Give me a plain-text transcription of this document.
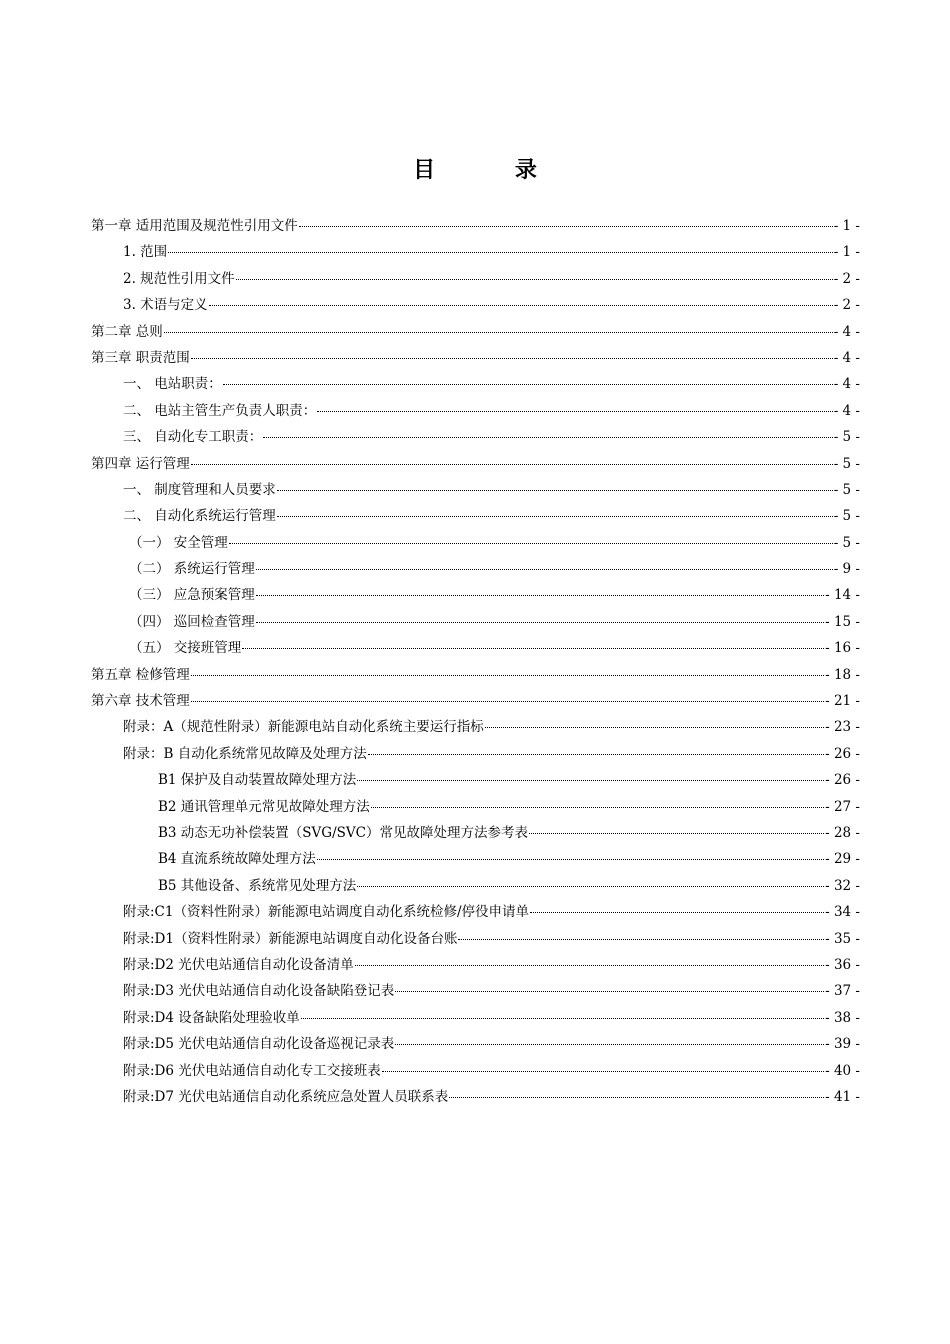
目 录
第一章 适用范围及规范性引用文件	- 1 -
1. 范围	- 1 -
2. 规范性引用文件	- 2 -
3. 术语与定义	- 2 -
第二章 总则	- 4 -
第三章 职责范围	- 4 -
一、 电站职责：	- 4 -
二、 电站主管生产负责人职责：	- 4 -
三、 自动化专工职责：	- 5 -
第四章 运行管理	- 5 -
一、 制度管理和人员要求	- 5 -
二、 自动化系统运行管理	- 5 -
（一） 安全管理	- 5 -
（二） 系统运行管理	- 9 -
（三） 应急预案管理	- 14 -
（四） 巡回检查管理	- 15 -
（五） 交接班管理	- 16 -
第五章 检修管理	- 18 -
第六章 技术管理	- 21 -
附录：A（规范性附录）新能源电站自动化系统主要运行指标	- 23 -
附录：B 自动化系统常见故障及处理方法	- 26 -
B1 保护及自动装置故障处理方法	- 26 -
B2 通讯管理单元常见故障处理方法	- 27 -
B3 动态无功补偿装置（SVG/SVC）常见故障处理方法参考表	- 28 -
B4 直流系统故障处理方法	- 29 -
B5 其他设备、系统常见处理方法	- 32 -
附录:C1（资料性附录）新能源电站调度自动化系统检修/停役申请单	- 34 -
附录:D1（资料性附录）新能源电站调度自动化设备台账	- 35 -
附录:D2 光伏电站通信自动化设备清单	- 36 -
附录:D3 光伏电站通信自动化设备缺陷登记表	- 37 -
附录:D4 设备缺陷处理验收单	- 38 -
附录:D5 光伏电站通信自动化设备巡视记录表	- 39 -
附录:D6 光伏电站通信自动化专工交接班表	- 40 -
附录:D7 光伏电站通信自动化系统应急处置人员联系表	- 41 -
